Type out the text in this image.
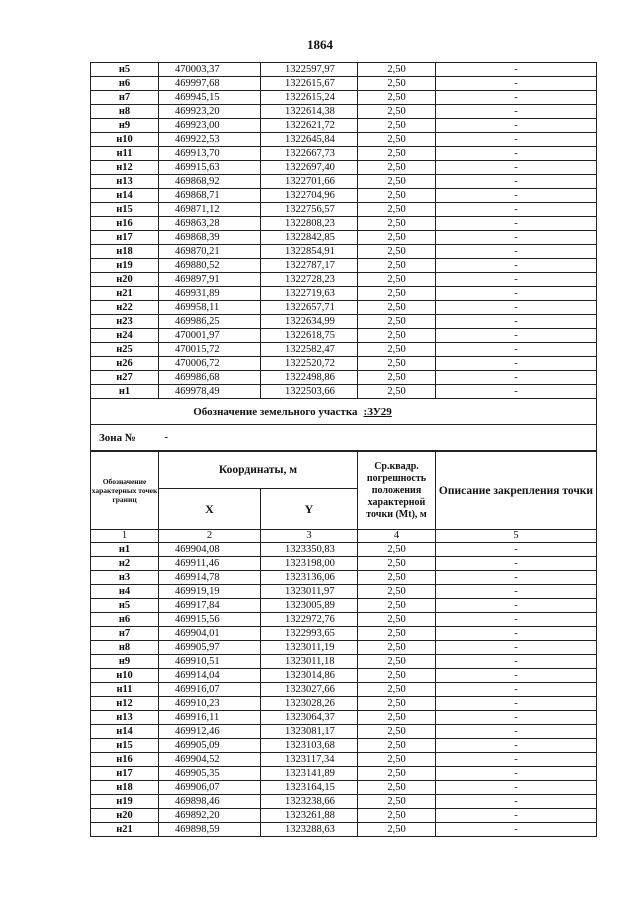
1864
н5	470003,37	1322597,97	2,50	-
н6	469997,68	1322615,67	2,50	-
н7	469945,15	1322615,24	2,50	-
н8	469923,20	1322614,38	2,50	-
н9	469923,00	1322621,72	2,50	-
н10	469922,53	1322645,84	2,50	-
н11	469913,70	1322667,73	2,50	-
н12	469915,63	1322697,40	2,50	-
н13	469868,92	1322701,66	2,50	-
н14	469868,71	1322704,96	2,50	-
н15	469871,12	1322756,57	2,50	-
н16	469863,28	1322808,23	2,50	-
н17	469868,39	1322842,85	2,50	-
н18	469870,21	1322854,91	2,50	-
н19	469880,52	1322787,17	2,50	-
н20	469897,91	1322728,23	2,50	-
н21	469931,89	1322719,63	2,50	-
н22	469958,11	1322657,71	2,50	-
н23	469986,25	1322634,99	2,50	-
н24	470001,97	1322618,75	2,50	-
н25	470015,72	1322582,47	2,50	-
н26	470006,72	1322520,72	2,50	-
н27	469986,68	1322498,86	2,50	-
н1	469978,49	1322503,66	2,50	-
Обозначение земельного участка			:ЗУ29	
Зона №	-			
Обозначение характерных точек границ	Координаты, м		Ср.квадр. погрешность положения характерной точки (Mt), м	Описание закрепления точки
	X	Y		
1	2	3	4	5
н1	469904,08	1323350,83	2,50	-
н2	469911,46	1323198,00	2,50	-
н3	469914,78	1323136,06	2,50	-
н4	469919,19	1323011,97	2,50	-
н5	469917,84	1323005,89	2,50	-
н6	469915,56	1322972,76	2,50	-
н7	469904,01	1322993,65	2,50	-
н8	469905,97	1323011,19	2,50	-
н9	469910,51	1323011,18	2,50	-
н10	469914,04	1323014,86	2,50	-
н11	469916,07	1323027,66	2,50	-
н12	469910,23	1323028,26	2,50	-
н13	469916,11	1323064,37	2,50	-
н14	469912,46	1323081,17	2,50	-
н15	469905,09	1323103,68	2,50	-
н16	469904,52	1323117,34	2,50	-
н17	469905,35	1323141,89	2,50	-
н18	469906,07	1323164,15	2,50	-
н19	469898,46	1323238,66	2,50	-
н20	469892,20	1323261,88	2,50	-
н21	469898,59	1323288,63	2,50	-
